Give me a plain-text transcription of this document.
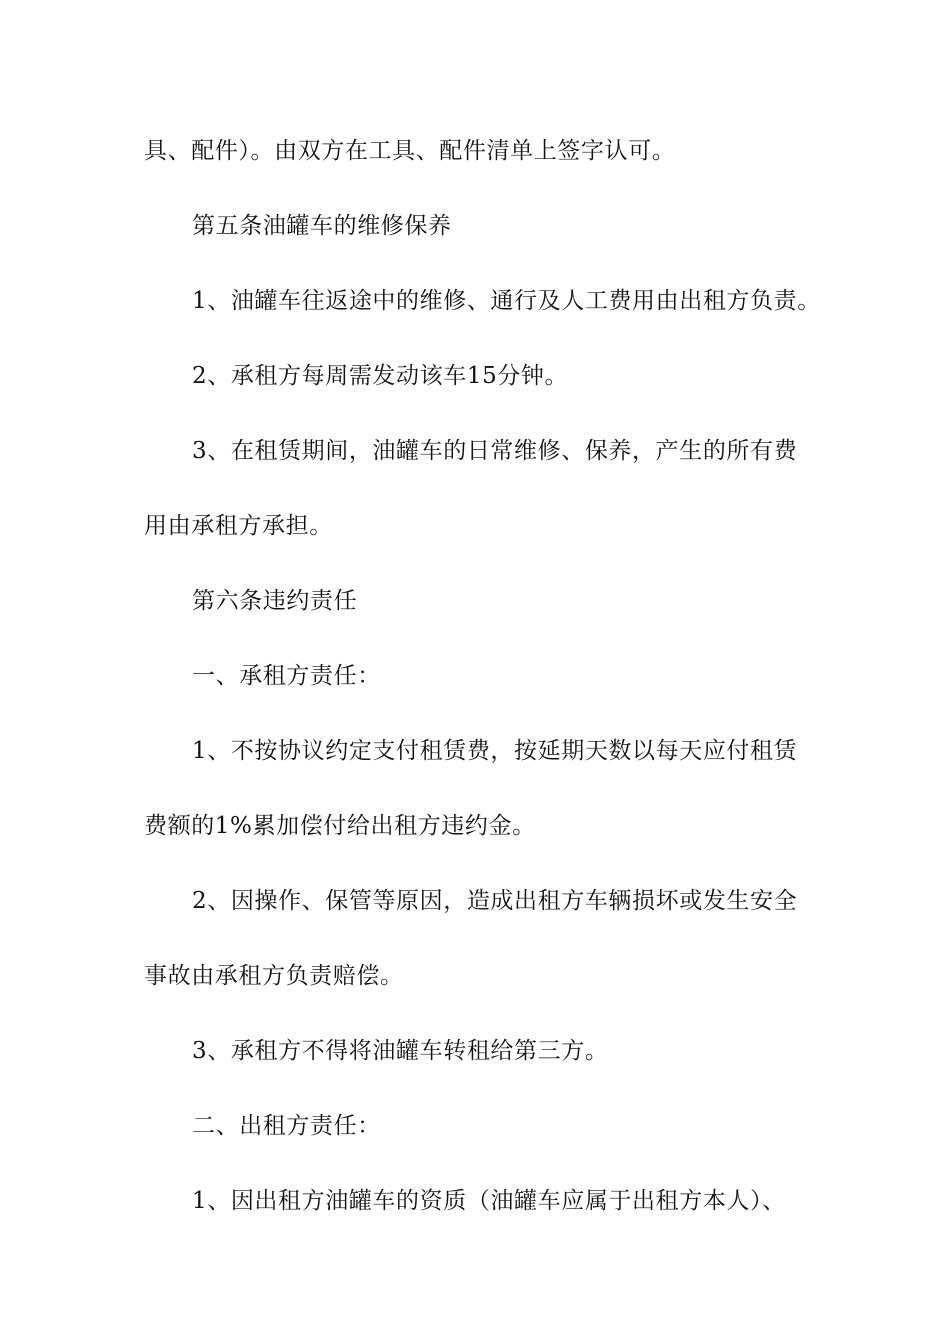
具、配件）。由双方在工具、配件清单上签字认可。
第五条油罐车的维修保养
1、油罐车往返途中的维修、通行及人工费用由出租方负责。
2、承租方每周需发动该车15分钟。
3、在租赁期间，油罐车的日常维修、保养，产生的所有费
用由承租方承担。
第六条违约责任
一、承租方责任：
1、不按协议约定支付租赁费，按延期天数以每天应付租赁
费额的1%累加偿付给出租方违约金。
2、因操作、保管等原因，造成出租方车辆损坏或发生安全
事故由承租方负责赔偿。
3、承租方不得将油罐车转租给第三方。
二、出租方责任：
1、因出租方油罐车的资质（油罐车应属于出租方本人）、
